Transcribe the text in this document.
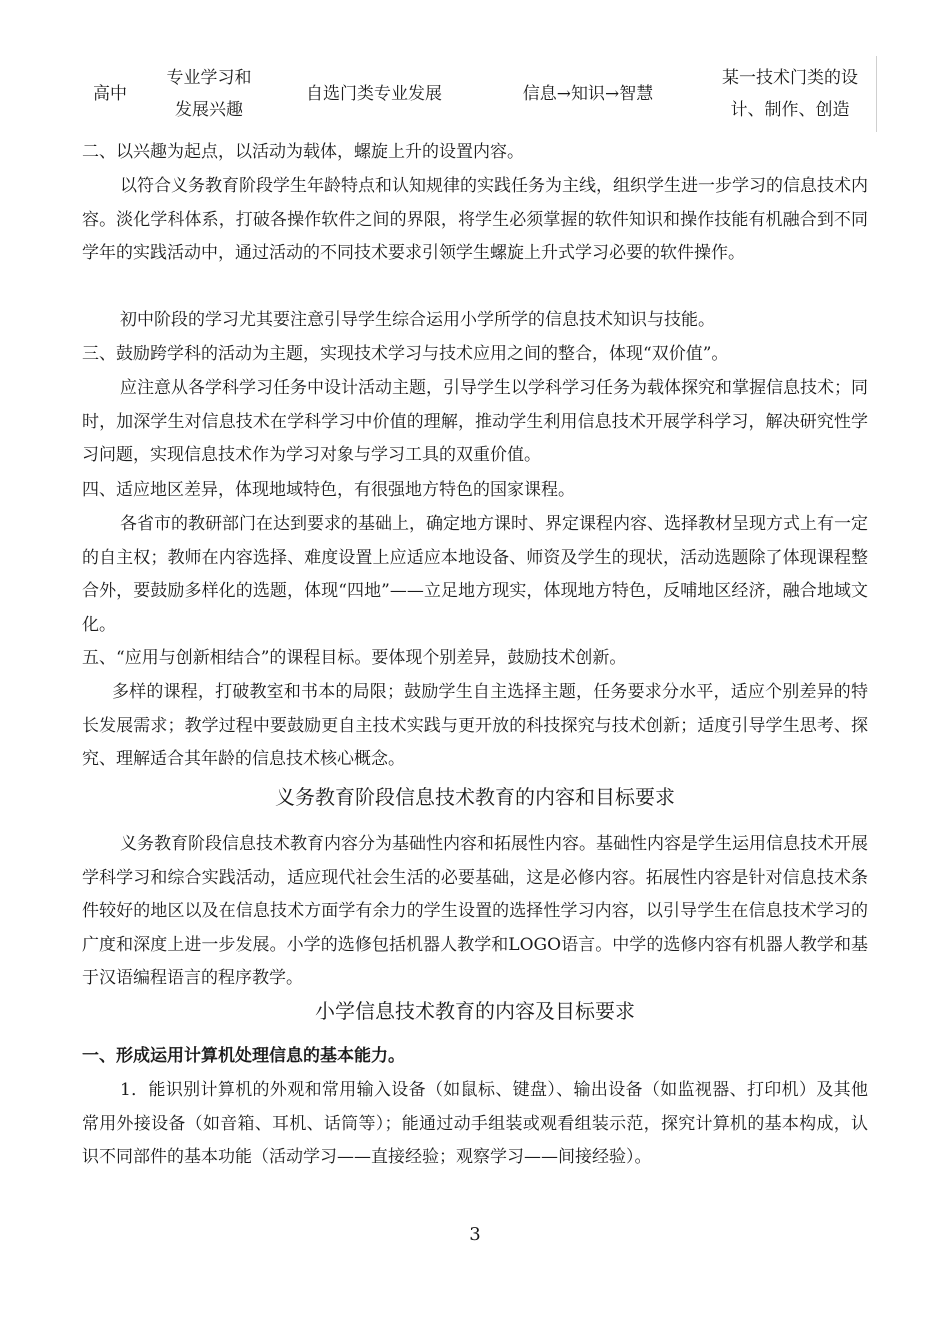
高中
专业学习和
发展兴趣
自选门类专业发展	信息→知识→智慧
某一技术门类的设
计、制作、创造
二、以兴趣为起点，以活动为载体，螺旋上升的设置内容。
以符合义务教育阶段学生年龄特点和认知规律的实践任务为主线，组织学生进一步学习的信息技术内容。淡化学科体系，打破各操作软件之间的界限，将学生必须掌握的软件知识和操作技能有机融合到不同学年的实践活动中，通过活动的不同技术要求引领学生螺旋上升式学习必要的软件操作。
初中阶段的学习尤其要注意引导学生综合运用小学所学的信息技术知识与技能。
三、鼓励跨学科的活动为主题，实现技术学习与技术应用之间的整合，体现“双价值”。
应注意从各学科学习任务中设计活动主题，引导学生以学科学习任务为载体探究和掌握信息技术；同时，加深学生对信息技术在学科学习中价值的理解，推动学生利用信息技术开展学科学习，解决研究性学习问题，实现信息技术作为学习对象与学习工具的双重价值。
四、适应地区差异，体现地域特色，有很强地方特色的国家课程。
各省市的教研部门在达到要求的基础上，确定地方课时、界定课程内容、选择教材呈现方式上有一定的自主权；教师在内容选择、难度设置上应适应本地设备、师资及学生的现状，活动选题除了体现课程整合外，要鼓励多样化的选题，体现“四地”——立足地方现实，体现地方特色，反哺地区经济，融合地域文化。
五、“应用与创新相结合”的课程目标。要体现个别差异，鼓励技术创新。
多样的课程，打破教室和书本的局限；鼓励学生自主选择主题，任务要求分水平，适应个别差异的特长发展需求；教学过程中要鼓励更自主技术实践与更开放的科技探究与技术创新；适度引导学生思考、探究、理解适合其年龄的信息技术核心概念。
义务教育阶段信息技术教育的内容和目标要求
义务教育阶段信息技术教育内容分为基础性内容和拓展性内容。基础性内容是学生运用信息技术开展学科学习和综合实践活动，适应现代社会生活的必要基础，这是必修内容。拓展性内容是针对信息技术条件较好的地区以及在信息技术方面学有余力的学生设置的选择性学习内容，以引导学生在信息技术学习的广度和深度上进一步发展。小学的选修包括机器人教学和LOGO语言。中学的选修内容有机器人教学和基于汉语编程语言的程序教学。
小学信息技术教育的内容及目标要求
一、形成运用计算机处理信息的基本能力。
1．能识别计算机的外观和常用输入设备（如鼠标、键盘）、输出设备（如监视器、打印机）及其他常用外接设备（如音箱、耳机、话筒等）；能通过动手组装或观看组装示范，探究计算机的基本构成，认识不同部件的基本功能（活动学习——直接经验；观察学习——间接经验）。
3
